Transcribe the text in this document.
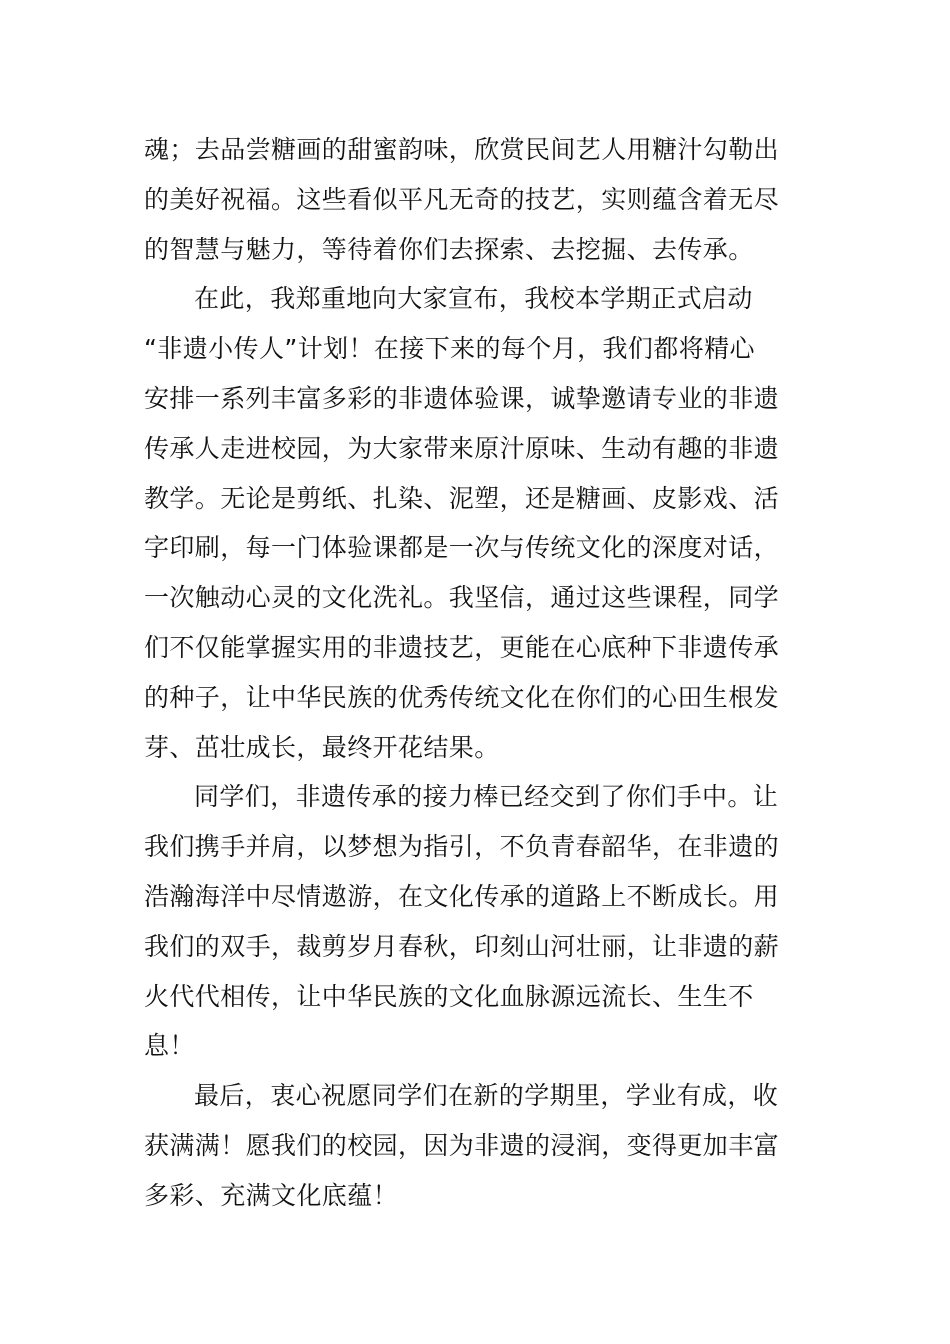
魂；去品尝糖画的甜蜜韵味，欣赏民间艺人用糖汁勾勒出
的美好祝福。这些看似平凡无奇的技艺，实则蕴含着无尽
的智慧与魅力，等待着你们去探索、去挖掘、去传承。
在此，我郑重地向大家宣布，我校本学期正式启动
“非遗小传人”计划！在接下来的每个月，我们都将精心
安排一系列丰富多彩的非遗体验课，诚挚邀请专业的非遗
传承人走进校园，为大家带来原汁原味、生动有趣的非遗
教学。无论是剪纸、扎染、泥塑，还是糖画、皮影戏、活
字印刷，每一门体验课都是一次与传统文化的深度对话，
一次触动心灵的文化洗礼。我坚信，通过这些课程，同学
们不仅能掌握实用的非遗技艺，更能在心底种下非遗传承
的种子，让中华民族的优秀传统文化在你们的心田生根发
芽、茁壮成长，最终开花结果。
同学们，非遗传承的接力棒已经交到了你们手中。让
我们携手并肩，以梦想为指引，不负青春韶华，在非遗的
浩瀚海洋中尽情遨游，在文化传承的道路上不断成长。用
我们的双手，裁剪岁月春秋，印刻山河壮丽，让非遗的薪
火代代相传，让中华民族的文化血脉源远流长、生生不
息！
最后，衷心祝愿同学们在新的学期里，学业有成，收
获满满！愿我们的校园，因为非遗的浸润，变得更加丰富
多彩、充满文化底蕴！
